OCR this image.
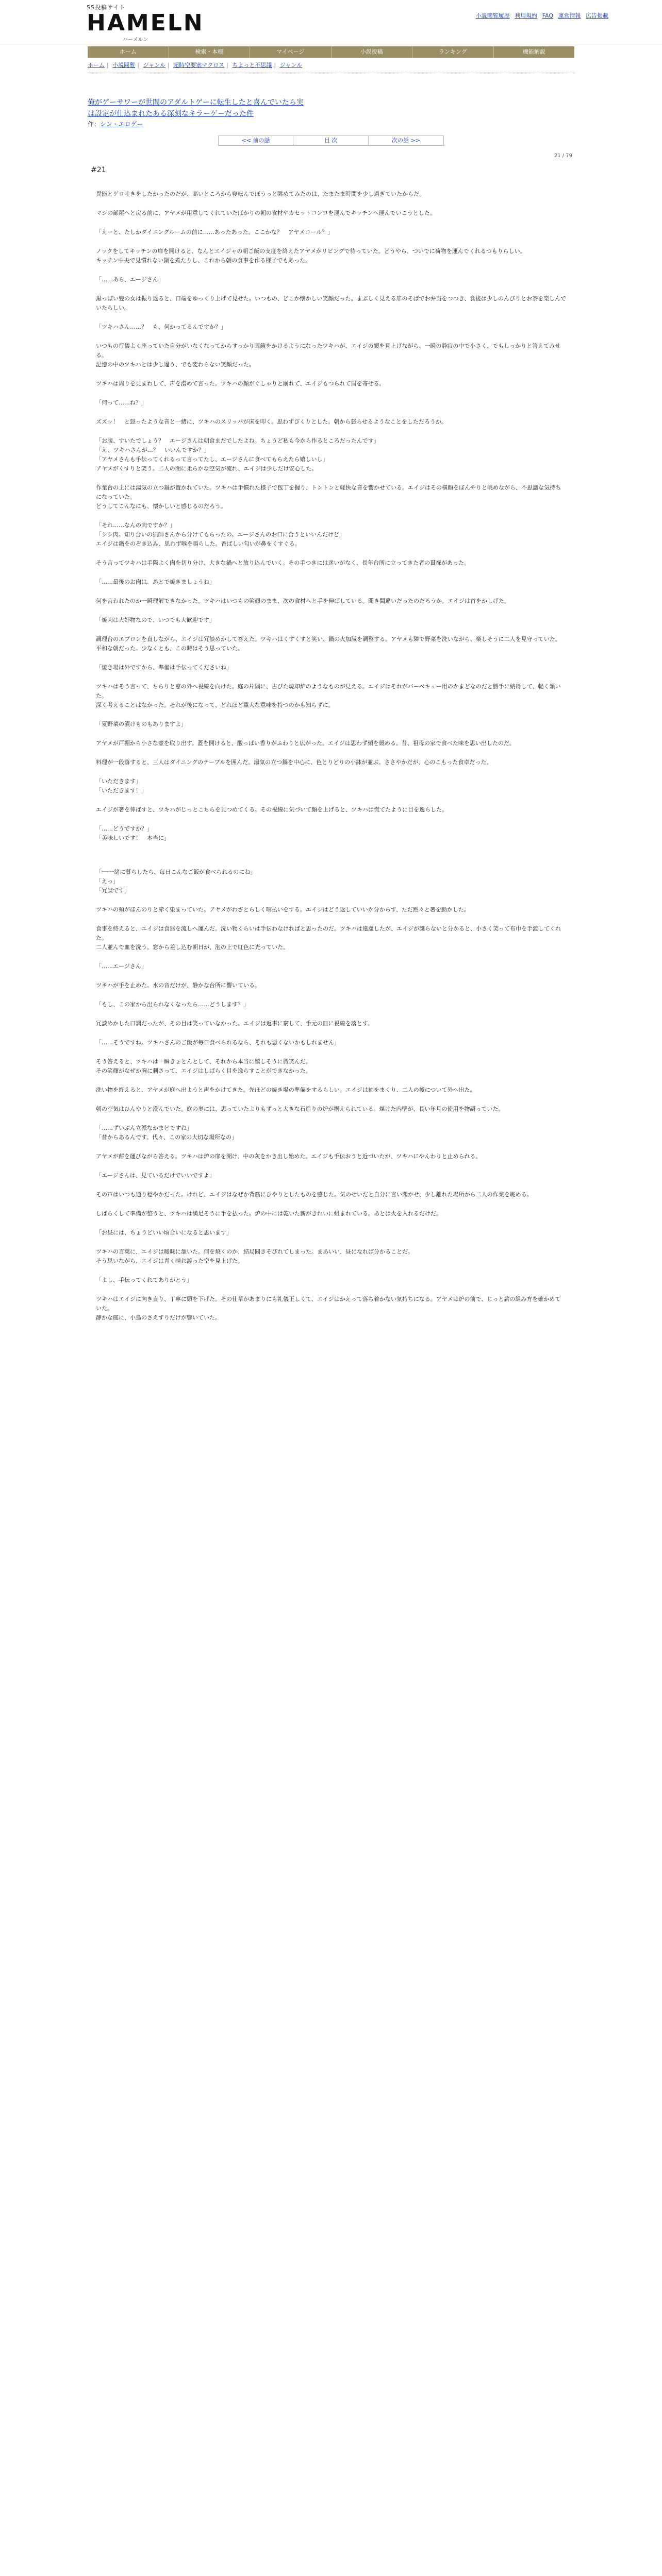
SS投稿サイト
HAMELN
ハーメルン
小説閲覧履歴 利用規約 FAQ 運営情報 広告掲載
ホーム	検索・本棚	マイページ	小説投稿	ランキング	機能解説
ホーム | 小説閲覧 | ジャンル | 超時空要塞マクロス | ちよっと不思議 | ジャンル
俺がゲーサワーが世間のアダルトゲーに転生したと喜んでいたら実は設定が仕込まれたある深刻なキラーゲーだった件
作：シン・エロゲー
<< 前の話	目 次	次の話 >>
21 / 79
#21

異能とゲロ吐きをしたかったのだが、高いところから寝転んでぼうっと眺めてみたのは、たまたま時間を少し過ぎていたからだ。

マシの部屋へと戻る前に、アヤメが用意してくれていたばかりの朝の食材やカセットコンロを運んでキッチンへ運んでいこうとした。

「えーと、たしかダイニングルームの前に……あったあった。ここかな？　アヤメコール？」

ノックをしてキッチンの扉を開けると、なんとエイジャの朝ご飯の支度を終えたアヤメがリビングで待っていた。どうやら、ついでに荷物を運んでくれるつもりらしい。
キッチン中央で見慣れない鍋を煮たりし、これから朝の食事を作る様子でもあった。

「……あら、エージさん」

黒っぽい髪の女は振り返ると、口端をゆっくり上げて見せた。いつもの、どこか懐かしい笑顔だった。まぶしく見える扉のそばでお弁当をつつき、食後は少しのんびりとお茶を楽しんでいたらしい。

「ツキハさん……？　も、何かってるんですか？」

いつもの行儀よく座っていた自分がいなくなってからすっかり眼鏡をかけるようになったツキハが、エイジの顔を見上げながら、一瞬の静寂の中で小さく、でもしっかりと答えてみせる。
記憶の中のツキハとは少し違う、でも変わらない笑顔だった。

ツキハは周りを見まわして、声を潜めて言った。ツキハの顔がぐしゃりと崩れて、エイジもつられて眉を寄せる。

「何って……ね？」

ズズッ！　と怒ったような音と一緒に、ツキハのスリッパが床を叩く。思わずびくりとした。朝から怒らせるようなことをしただろうか。

「お腹、すいたでしょう？　エージさんは朝食まだでしたよね。ちょうど私も今から作るところだったんです」
「え、ツキハさんが…？　いいんですか？」
「アヤメさんも手伝ってくれるって言ってたし、エージさんに食べてもらえたら嬉しいし」
アヤメがくすりと笑う。二人の間に柔らかな空気が流れ、エイジは少しだけ安心した。

作業台の上には湯気の立つ鍋が置かれていた。ツキハは手慣れた様子で包丁を握り、トントンと軽快な音を響かせている。エイジはその横顔をぼんやりと眺めながら、不思議な気持ちになっていた。
どうしてこんなにも、懐かしいと感じるのだろう。

「それ……なんの肉ですか？」
「シシ肉。知り合いの猟師さんから分けてもらったの。エージさんのお口に合うといいんだけど」
エイジは鍋をのぞき込み、思わず喉を鳴らした。香ばしい匂いが鼻をくすぐる。

そう言ってツキハは手際よく肉を切り分け、大きな鍋へと放り込んでいく。その手つきには迷いがなく、長年台所に立ってきた者の貫禄があった。

「……最後のお肉は、あとで焼きましょうね」

何を言われたのか一瞬理解できなかった。ツキハはいつもの笑顔のまま、次の食材へと手を伸ばしている。聞き間違いだったのだろうか。エイジは首をかしげた。

「焼肉は大好物なので、いつでも大歓迎です」

調理台のエプロンを直しながら、エイジは冗談めかして答えた。ツキハはくすくすと笑い、鍋の火加減を調整する。アヤメも隣で野菜を洗いながら、楽しそうに二人を見守っていた。
平和な朝だった。少なくとも、この時はそう思っていた。

「焼き場は外ですから、準備は手伝ってくださいね」

ツキハはそう言って、ちらりと窓の外へ視線を向けた。庭の片隅に、古びた焼却炉のようなものが見える。エイジはそれがバーベキュー用のかまどなのだと勝手に納得して、軽く頷いた。
深く考えることはなかった。それが後になって、どれほど重大な意味を持つのかも知らずに。

「夏野菜の漬けものもありますよ」

アヤメが戸棚から小さな壺を取り出す。蓋を開けると、酸っぱい香りがふわりと広がった。エイジは思わず頬を緩める。昔、祖母の家で食べた味を思い出したのだ。

料理が一段落すると、三人はダイニングのテーブルを囲んだ。湯気の立つ鍋を中心に、色とりどりの小鉢が並ぶ。ささやかだが、心のこもった食卓だった。

「いただきます」
「いただきます！」

エイジが箸を伸ばすと、ツキハがじっとこちらを見つめてくる。その視線に気づいて顔を上げると、ツキハは慌てたように目を逸らした。

「……どうですか？」
「美味しいです！　本当に」

「──一緒に暮らしたら、毎日こんなご飯が食べられるのにね」
「えっ」
「冗談です」

ツキハの頬がほんのりと赤く染まっていた。アヤメがわざとらしく咳払いをする。エイジはどう返していいか分からず、ただ黙々と箸を動かした。

食事を終えると、エイジは食器を流しへ運んだ。洗い物くらいは手伝わなければと思ったのだ。ツキハは遠慮したが、エイジが譲らないと分かると、小さく笑って布巾を手渡してくれた。
二人並んで皿を洗う。窓から差し込む朝日が、泡の上で虹色に光っていた。

「……エージさん」

ツキハが手を止めた。水の音だけが、静かな台所に響いている。

「もし、この家から出られなくなったら……どうします？」

冗談めかした口調だったが、その目は笑っていなかった。エイジは返事に窮して、手元の皿に視線を落とす。

「……そうですね。ツキハさんのご飯が毎日食べられるなら、それも悪くないかもしれません」

そう答えると、ツキハは一瞬きょとんとして、それから本当に嬉しそうに微笑んだ。
その笑顔がなぜか胸に刺さって、エイジはしばらく目を逸らすことができなかった。

洗い物を終えると、アヤメが庭へ出ようと声をかけてきた。先ほどの焼き場の準備をするらしい。エイジは袖をまくり、二人の後について外へ出た。

朝の空気はひんやりと澄んでいた。庭の奥には、思っていたよりもずっと大きな石造りの炉が据えられている。煤けた内壁が、長い年月の使用を物語っていた。

「……ずいぶん立派なかまどですね」
「昔からあるんです。代々、この家の大切な場所なの」

アヤメが薪を運びながら答える。ツキハは炉の扉を開け、中の灰をかき出し始めた。エイジも手伝おうと近づいたが、ツキハにやんわりと止められる。

「エージさんは、見ているだけでいいですよ」

その声はいつも通り穏やかだった。けれど、エイジはなぜか背筋にひやりとしたものを感じた。気のせいだと自分に言い聞かせ、少し離れた場所から二人の作業を眺める。

しばらくして準備が整うと、ツキハは満足そうに手を払った。炉の中には乾いた薪がきれいに組まれている。あとは火を入れるだけだ。

「お昼には、ちょうどいい頃合いになると思います」

ツキハの言葉に、エイジは曖昧に頷いた。何を焼くのか、結局聞きそびれてしまった。まあいい、昼になれば分かることだ。
そう思いながら、エイジは青く晴れ渡った空を見上げた。

「よし、手伝ってくれてありがとう」

ツキハはエイジに向き直り、丁寧に頭を下げた。その仕草があまりにも礼儀正しくて、エイジはかえって落ち着かない気持ちになる。アヤメは炉の前で、じっと薪の組み方を確かめていた。
静かな庭に、小鳥のさえずりだけが響いていた。
